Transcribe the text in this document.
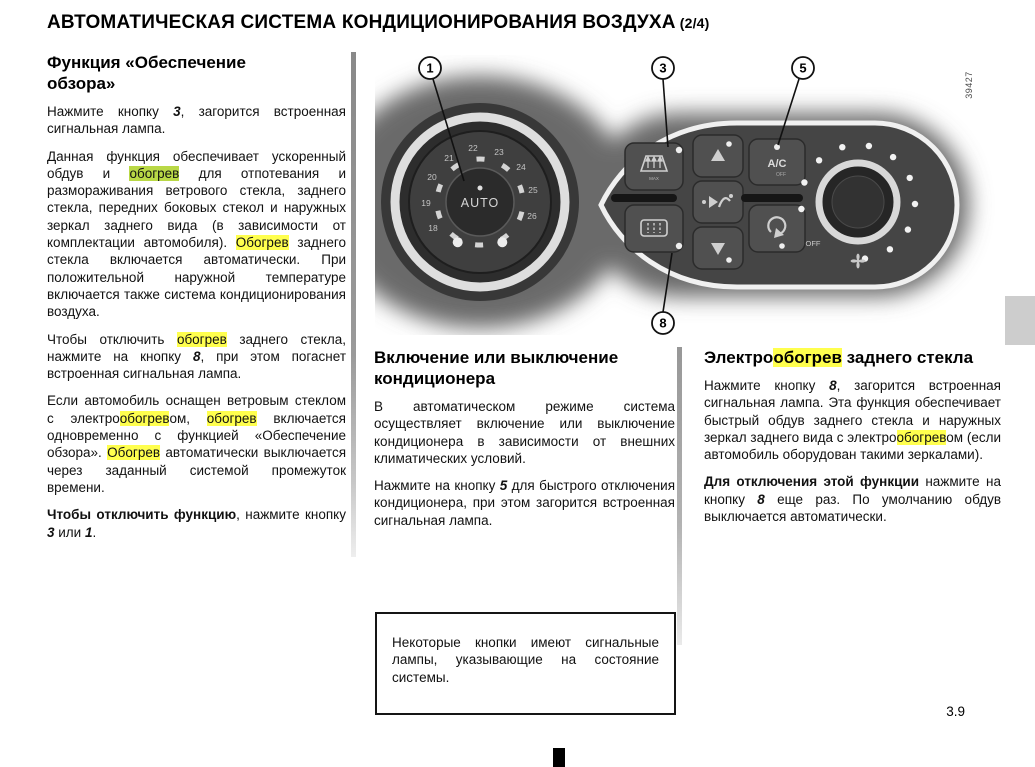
АВТОМАТИЧЕСКАЯ СИСТЕМА КОНДИЦИОНИРОВАНИЯ ВОЗДУХА (2/4)
Функция «Обеспечение обзора»

Нажмите кнопку 3, загорится встроенная сигнальная лампа.

Данная функция обеспечивает ускоренный обдув и обогрев для отпотевания и размораживания ветрового стекла, заднего стекла, передних боковых стекол и наружных зеркал заднего вида (в зависимости от комплектации автомобиля). Обогрев заднего стекла включается автоматически. При положительной наружной температуре включается также система кондиционирования воздуха.

Чтобы отключить обогрев заднего стекла, нажмите на кнопку 8, при этом погаснет встроенная сигнальная лампа.

Если автомобиль оснащен ветровым стеклом с электрообогревом, обогрев включается одновременно с функцией «Обеспечение обзора». Обогрев автоматически выключается через заданный системой промежуток времени.

Чтобы отключить функцию, нажмите кнопку 3 или 1.

18
19
20
21
22 23
24
25
26
AUTO
MAX
A/C
OFF
OFF
1	3	5
8
39427
Включение или выключение кондиционера

В автоматическом режиме система осуществляет включение или выключение кондиционера в зависимости от внешних климатических условий.

Нажмите на кнопку 5 для быстрого отключения кондиционера, при этом загорится встроенная сигнальная лампа.

Электрообогрев заднего стекла

Нажмите кнопку 8, загорится встроенная сигнальная лампа. Эта функция обеспечивает быстрый обдув заднего стекла и наружных зеркал заднего вида с электрообогревом (если автомобиль оборудован такими зеркалами).

Для отключения этой функции нажмите на кнопку 8 еще раз. По умолчанию обдув выключается автоматически.

Некоторые кнопки имеют сигнальные лампы, указывающие на состояние системы.
3.9
